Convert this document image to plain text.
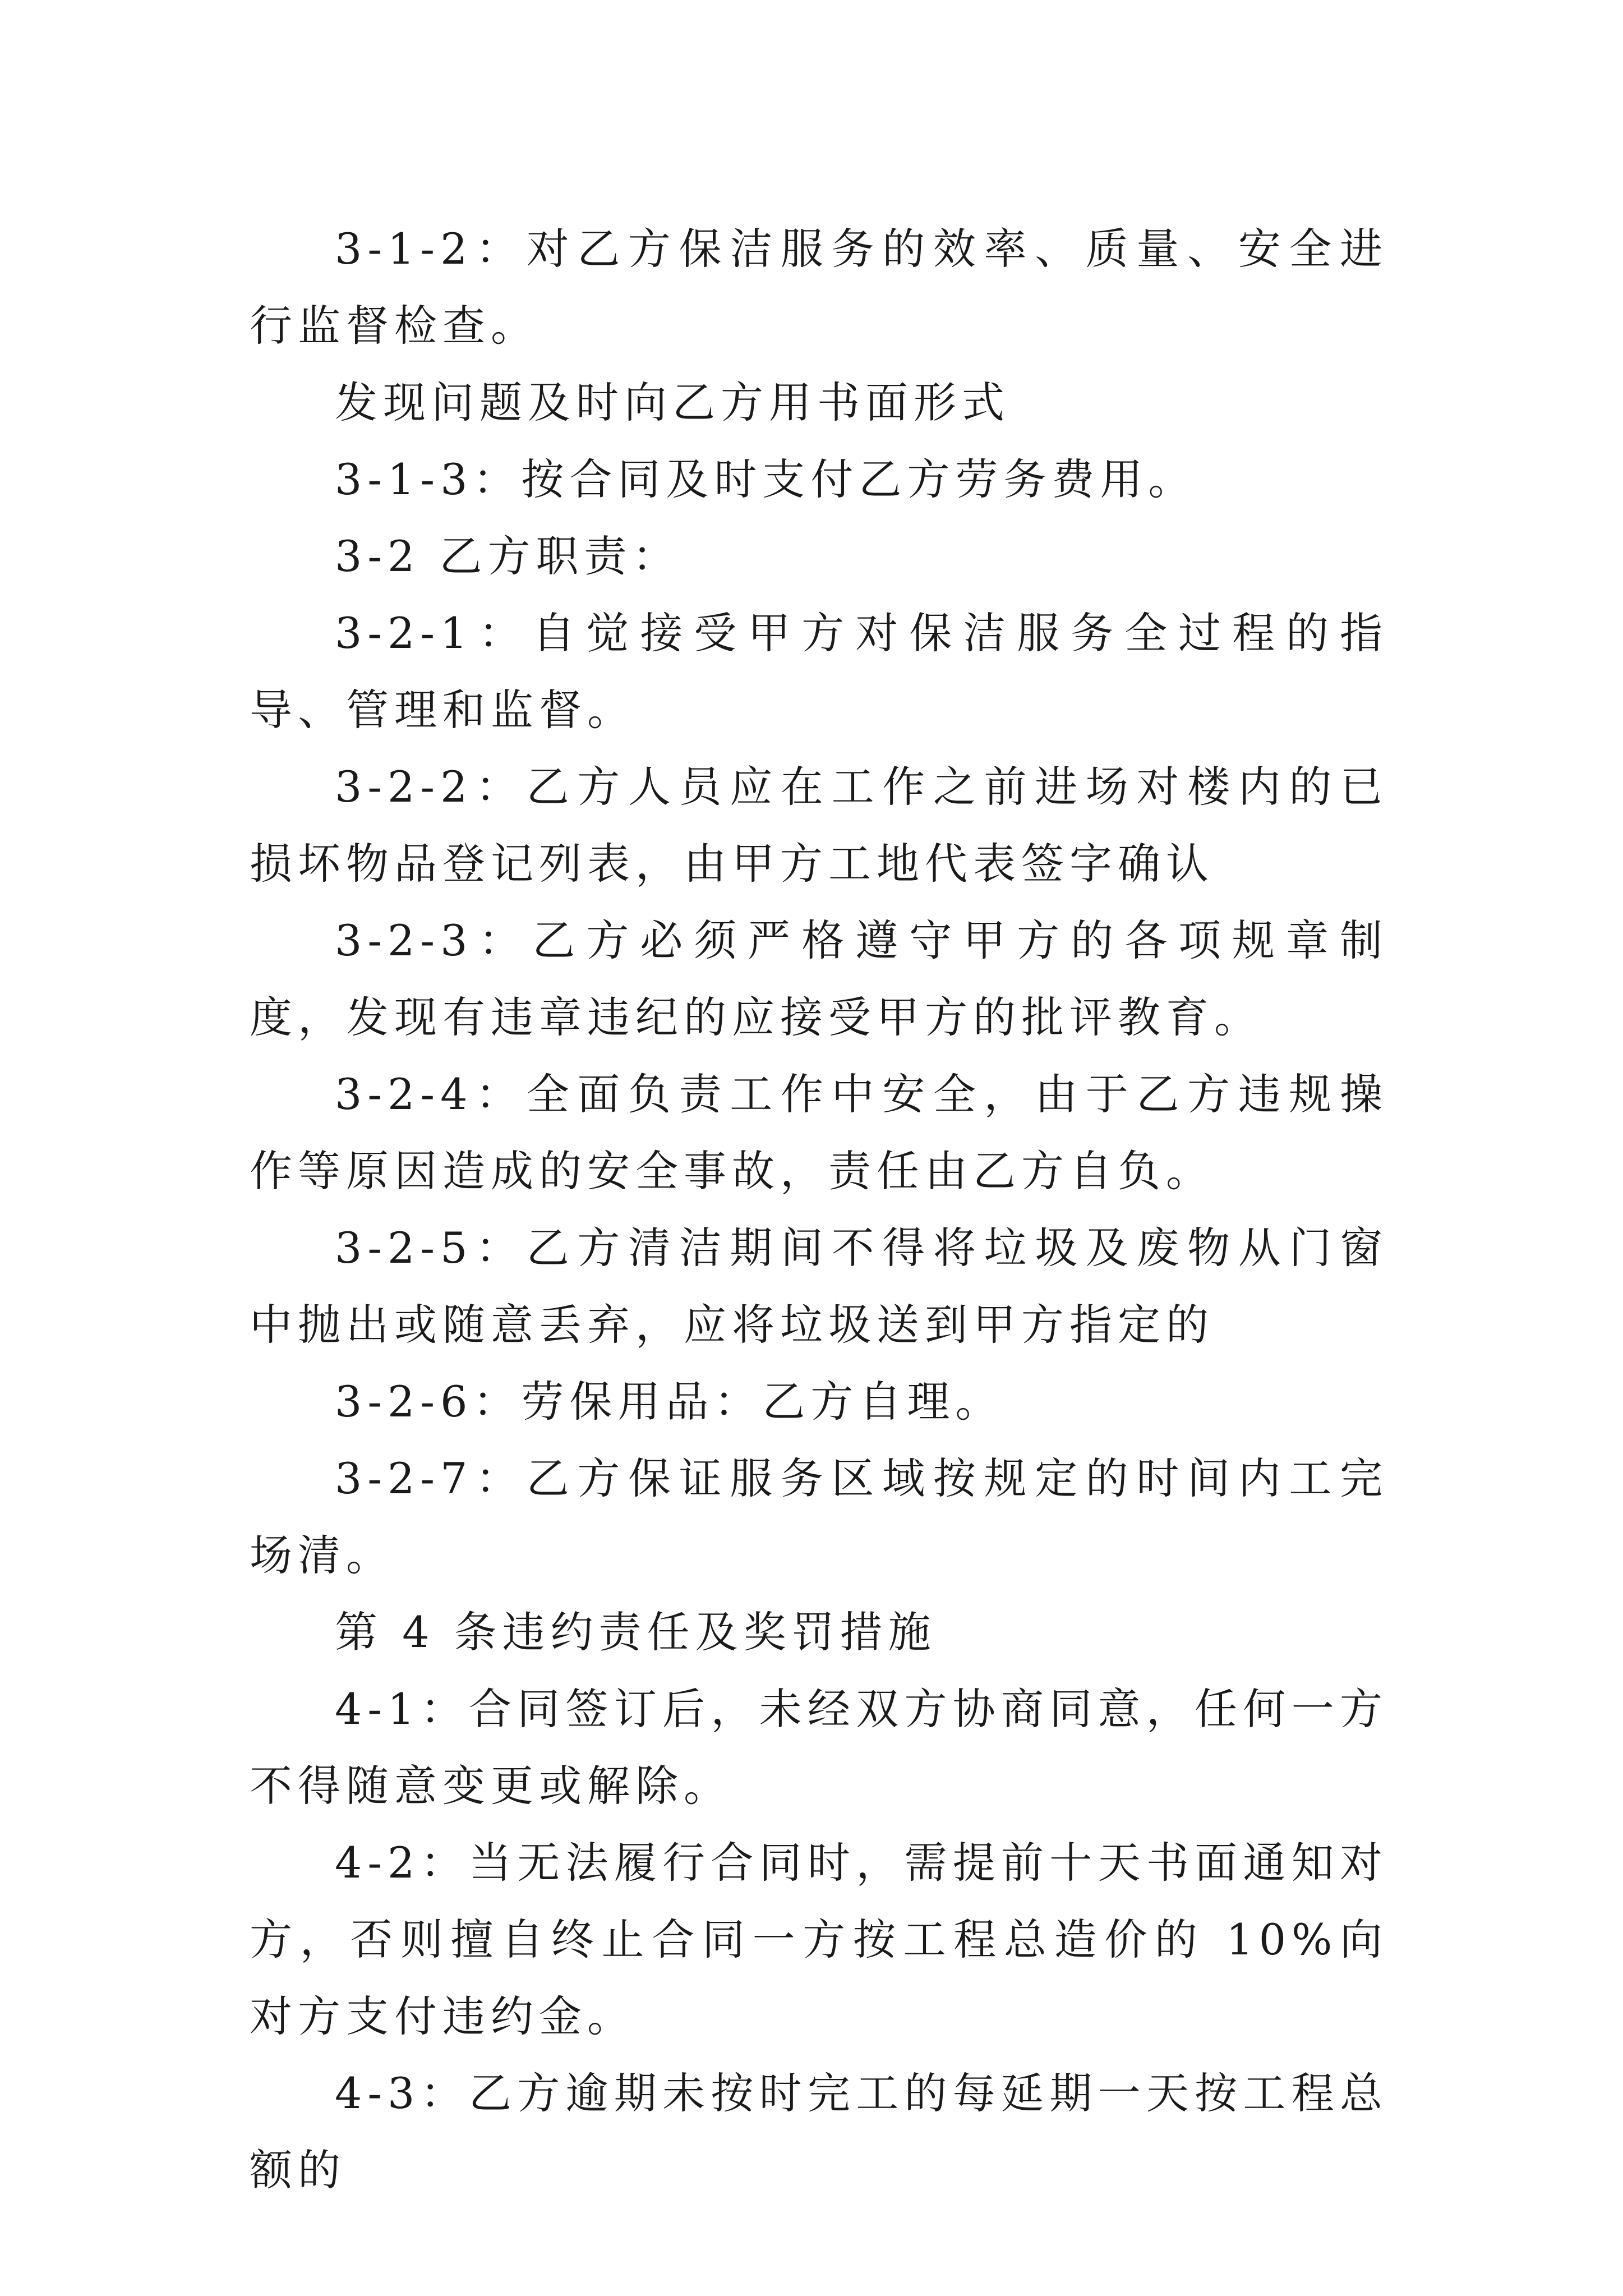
3-1-2：对乙方保洁服务的效率、质量、安全进行监督检查。

发现问题及时向乙方用书面形式

3-1-3：按合同及时支付乙方劳务费用。

3-2 乙方职责：

3-2-1：自觉接受甲方对保洁服务全过程的指导、管理和监督。

3-2-2：乙方人员应在工作之前进场对楼内的已损坏物品登记列表，由甲方工地代表签字确认

3-2-3：乙方必须严格遵守甲方的各项规章制度，发现有违章违纪的应接受甲方的批评教育。

3-2-4：全面负责工作中安全，由于乙方违规操作等原因造成的安全事故，责任由乙方自负。

3-2-5：乙方清洁期间不得将垃圾及废物从门窗中抛出或随意丢弃，应将垃圾送到甲方指定的

3-2-6：劳保用品：乙方自理。

3-2-7：乙方保证服务区域按规定的时间内工完场清。

第 4 条违约责任及奖罚措施

4-1：合同签订后，未经双方协商同意，任何一方不得随意变更或解除。

4-2：当无法履行合同时，需提前十天书面通知对方，否则擅自终止合同一方按工程总造价的 10%向对方支付违约金。

4-3：乙方逾期未按时完工的每延期一天按工程总额的
